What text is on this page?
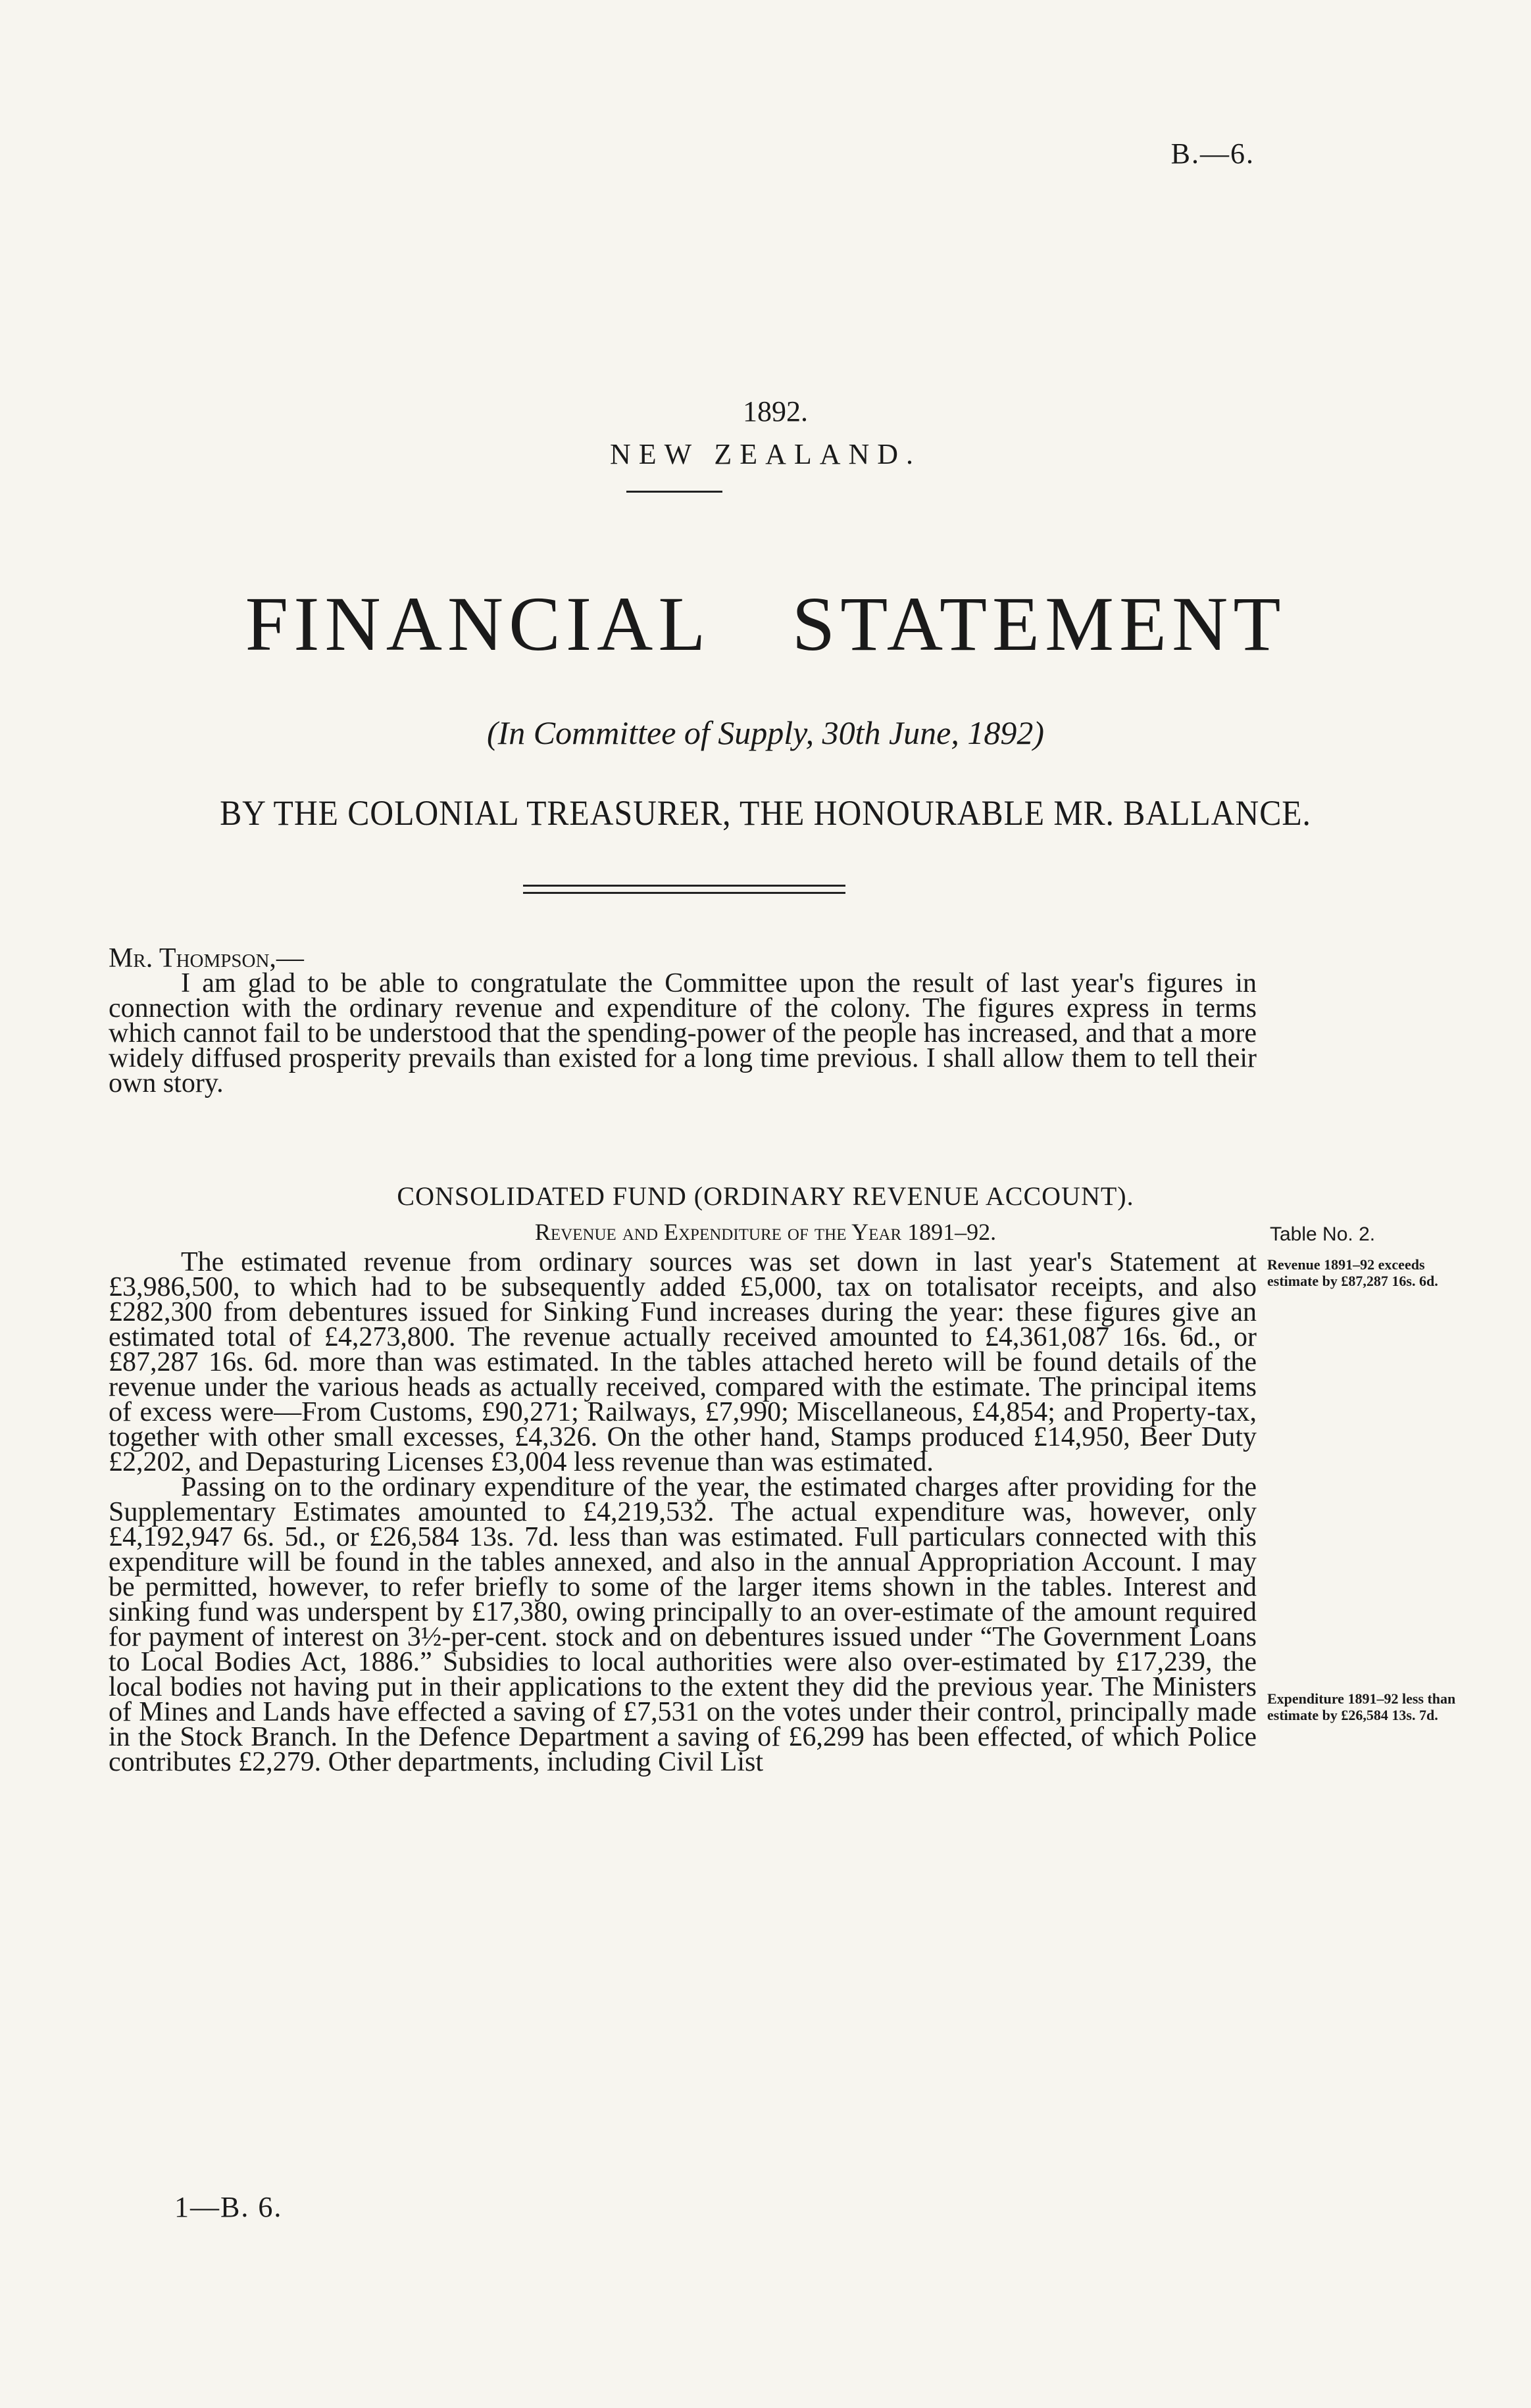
B.—6.
1892.
NEW ZEALAND.
FINANCIAL STATEMENT
(In Committee of Supply, 30th June, 1892)
BY THE COLONIAL TREASURER, THE HONOURABLE MR. BALLANCE.

Mr. Thompson,—

I am glad to be able to congratulate the Committee upon the result of last year's figures in connection with the ordinary revenue and expenditure of the colony. The figures express in terms which cannot fail to be understood that the spending-power of the people has increased, and that a more widely diffused prosperity prevails than existed for a long time previous. I shall allow them to tell their own story.

CONSOLIDATED FUND (ORDINARY REVENUE ACCOUNT).
Revenue and Expenditure of the Year 1891–92.	Table No. 2.

The estimated revenue from ordinary sources was set down in last year's Statement at £3,986,500, to which had to be subsequently added £5,000, tax on totalisator receipts, and also £282,300 from debentures issued for Sinking Fund increases during the year: these figures give an estimated total of £4,273,800. The revenue actually received amounted to £4,361,087 16s. 6d., or £87,287 16s. 6d. more than was estimated. In the tables attached hereto will be found details of the revenue under the various heads as actually received, compared with the estimate. The principal items of excess were—From Customs, £90,271; Railways, £7,990; Miscellaneous, £4,854; and Property-tax, together with other small excesses, £4,326. On the other hand, Stamps produced £14,950, Beer Duty £2,202, and Depasturing Licenses £3,004 less revenue than was estimated.

Passing on to the ordinary expenditure of the year, the estimated charges after providing for the Supplementary Estimates amounted to £4,219,532. The actual expenditure was, however, only £4,192,947 6s. 5d., or £26,584 13s. 7d. less than was estimated. Full particulars connected with this expenditure will be found in the tables annexed, and also in the annual Appropriation Account. I may be permitted, however, to refer briefly to some of the larger items shown in the tables. Interest and sinking fund was underspent by £17,380, owing principally to an over-estimate of the amount required for payment of interest on 3½-per-cent. stock and on debentures issued under “The Government Loans to Local Bodies Act, 1886.” Subsidies to local authorities were also over-estimated by £17,239, the local bodies not having put in their applications to the extent they did the previous year. The Ministers of Mines and Lands have effected a saving of £7,531 on the votes under their control, principally made in the Stock Branch. In the Defence Department a saving of £6,299 has been effected, of which Police contributes £2,279. Other departments, including Civil List

Revenue 1891–92 exceeds estimate by £87,287 16s. 6d.
Expenditure 1891–92 less than estimate by £26,584 13s. 7d.
1—B. 6.
